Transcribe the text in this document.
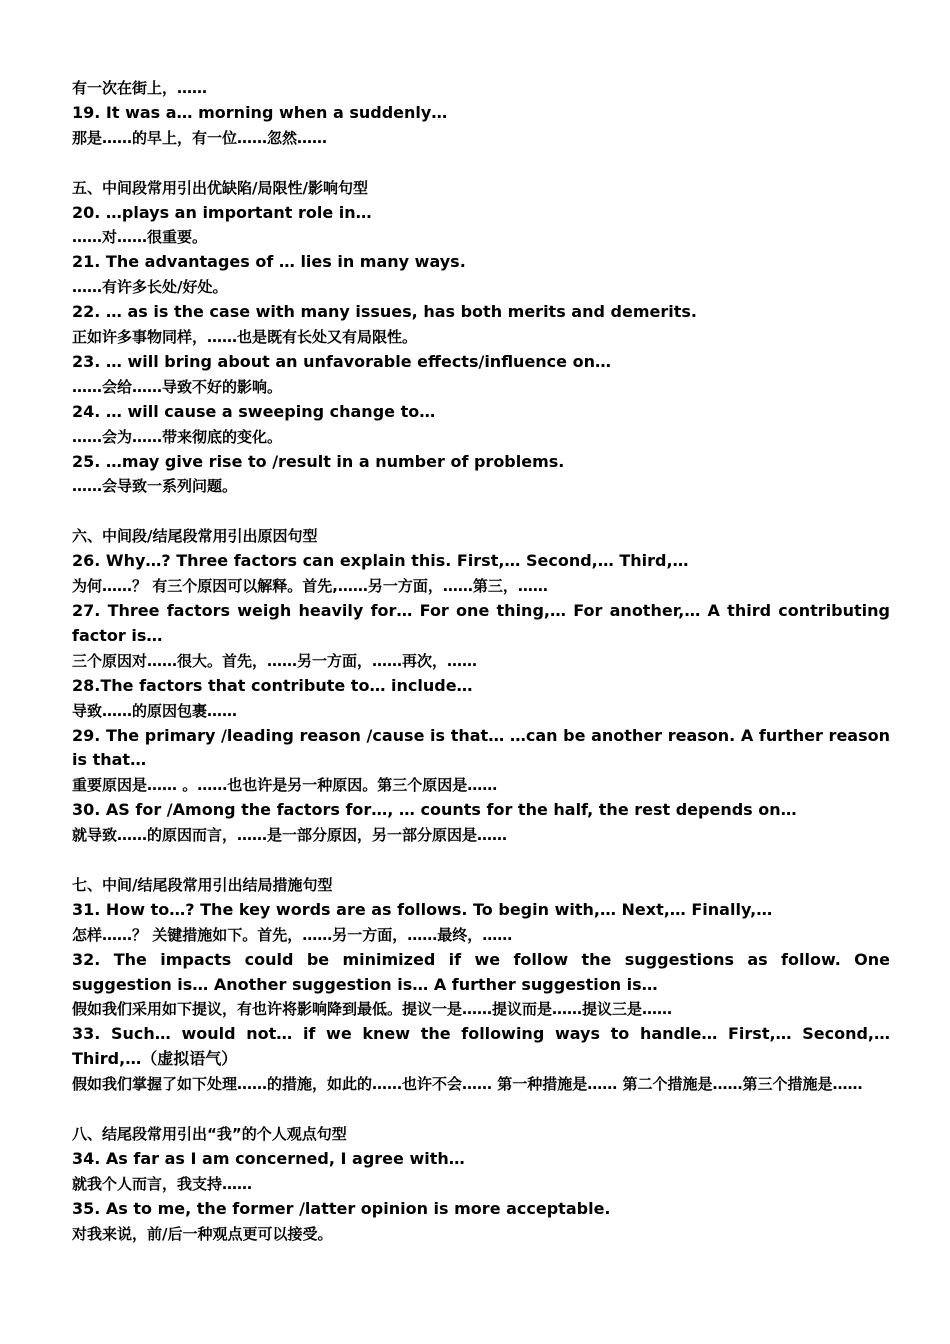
有一次在街上，……
19. It was a… morning when a suddenly…
那是……的早上，有一位……忽然……
五、中间段常用引出优缺陷/局限性/影响句型
20. …plays an important role in…
……对……很重要。
21. The advantages of … lies in many ways.
……有许多长处/好处。
22. … as is the case with many issues, has both merits and demerits.
正如许多事物同样，……也是既有长处又有局限性。
23. … will bring about an unfavorable effects/influence on…
……会给……导致不好的影响。
24. … will cause a sweeping change to…
……会为……带来彻底的变化。
25. …may give rise to /result in a number of problems.
……会导致一系列问题。
六、中间段/结尾段常用引出原因句型
26. Why…? Three factors can explain this. First,… Second,… Third,…
为何……？ 有三个原因可以解释。首先,……另一方面，……第三，……
27. Three factors weigh heavily for… For one thing,… For another,… A third contributing factor is…
三个原因对……很大。首先，……另一方面，……再次，……
28.The factors that contribute to… include…
导致……的原因包裹……
29. The primary /leading reason /cause is that… …can be another reason. A further reason is that…
重要原因是…… 。……也也许是另一种原因。第三个原因是……
30. AS for /Among the factors for…, … counts for the half, the rest depends on…
就导致……的原因而言，……是一部分原因，另一部分原因是……
七、中间/结尾段常用引出结局措施句型
31. How to…? The key words are as follows. To begin with,… Next,… Finally,…
怎样……？ 关键措施如下。首先，……另一方面，……最终，……
32. The impacts could be minimized if we follow the suggestions as follow. One suggestion is… Another suggestion is… A further suggestion is…
假如我们采用如下提议，有也许将影响降到最低。提议一是……提议而是……提议三是……
33. Such… would not… if we knew the following ways to handle… First,… Second,… Third,…（虚拟语气）
假如我们掌握了如下处理……的措施，如此的……也许不会…… 第一种措施是…… 第二个措施是……第三个措施是……
八、结尾段常用引出“我”的个人观点句型
34. As far as I am concerned, I agree with…
就我个人而言，我支持……
35. As to me, the former /latter opinion is more acceptable.
对我来说，前/后一种观点更可以接受。
